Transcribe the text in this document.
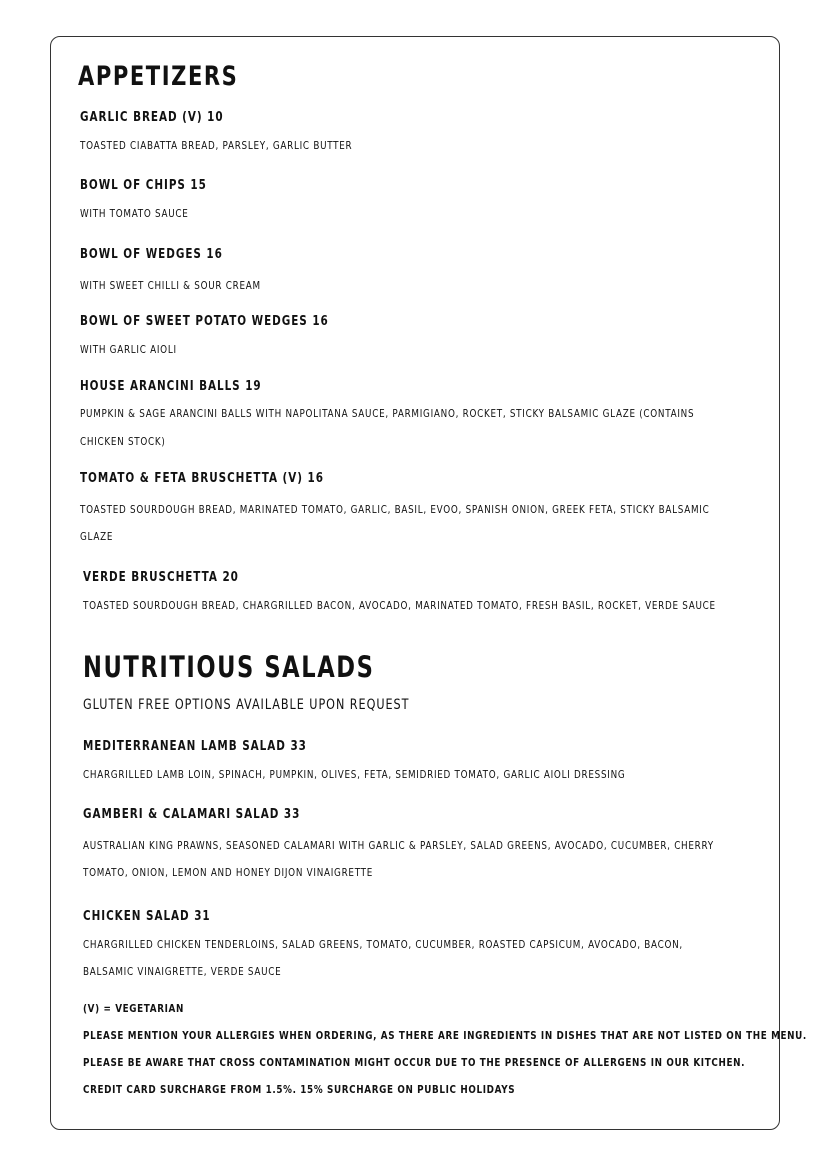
APPETIZERS
GARLIC BREAD (V) 10
TOASTED CIABATTA BREAD, PARSLEY, GARLIC BUTTER
BOWL OF CHIPS 15
WITH TOMATO SAUCE
BOWL OF WEDGES 16
WITH SWEET CHILLI & SOUR CREAM
BOWL OF SWEET POTATO WEDGES 16
WITH GARLIC AIOLI
HOUSE ARANCINI BALLS 19
PUMPKIN & SAGE ARANCINI BALLS WITH NAPOLITANA SAUCE, PARMIGIANO, ROCKET, STICKY BALSAMIC GLAZE (CONTAINS
CHICKEN STOCK)
TOMATO & FETA BRUSCHETTA (V) 16
TOASTED SOURDOUGH BREAD, MARINATED TOMATO, GARLIC, BASIL, EVOO, SPANISH ONION, GREEK FETA, STICKY BALSAMIC
GLAZE
VERDE BRUSCHETTA 20
TOASTED SOURDOUGH BREAD, CHARGRILLED BACON, AVOCADO, MARINATED TOMATO, FRESH BASIL, ROCKET, VERDE SAUCE
NUTRITIOUS SALADS
GLUTEN FREE OPTIONS AVAILABLE UPON REQUEST
MEDITERRANEAN LAMB SALAD 33
CHARGRILLED LAMB LOIN, SPINACH, PUMPKIN, OLIVES, FETA, SEMIDRIED TOMATO, GARLIC AIOLI DRESSING
GAMBERI & CALAMARI SALAD 33
AUSTRALIAN KING PRAWNS, SEASONED CALAMARI WITH GARLIC & PARSLEY, SALAD GREENS, AVOCADO, CUCUMBER, CHERRY
TOMATO, ONION, LEMON AND HONEY DIJON VINAIGRETTE
CHICKEN SALAD 31
CHARGRILLED CHICKEN TENDERLOINS, SALAD GREENS, TOMATO, CUCUMBER, ROASTED CAPSICUM, AVOCADO, BACON,
BALSAMIC VINAIGRETTE, VERDE SAUCE
(V) = VEGETARIAN
PLEASE MENTION YOUR ALLERGIES WHEN ORDERING, AS THERE ARE INGREDIENTS IN DISHES THAT ARE NOT LISTED ON THE MENU.
PLEASE BE AWARE THAT CROSS CONTAMINATION MIGHT OCCUR DUE TO THE PRESENCE OF ALLERGENS IN OUR KITCHEN.
CREDIT CARD SURCHARGE FROM 1.5%. 15% SURCHARGE ON PUBLIC HOLIDAYS
